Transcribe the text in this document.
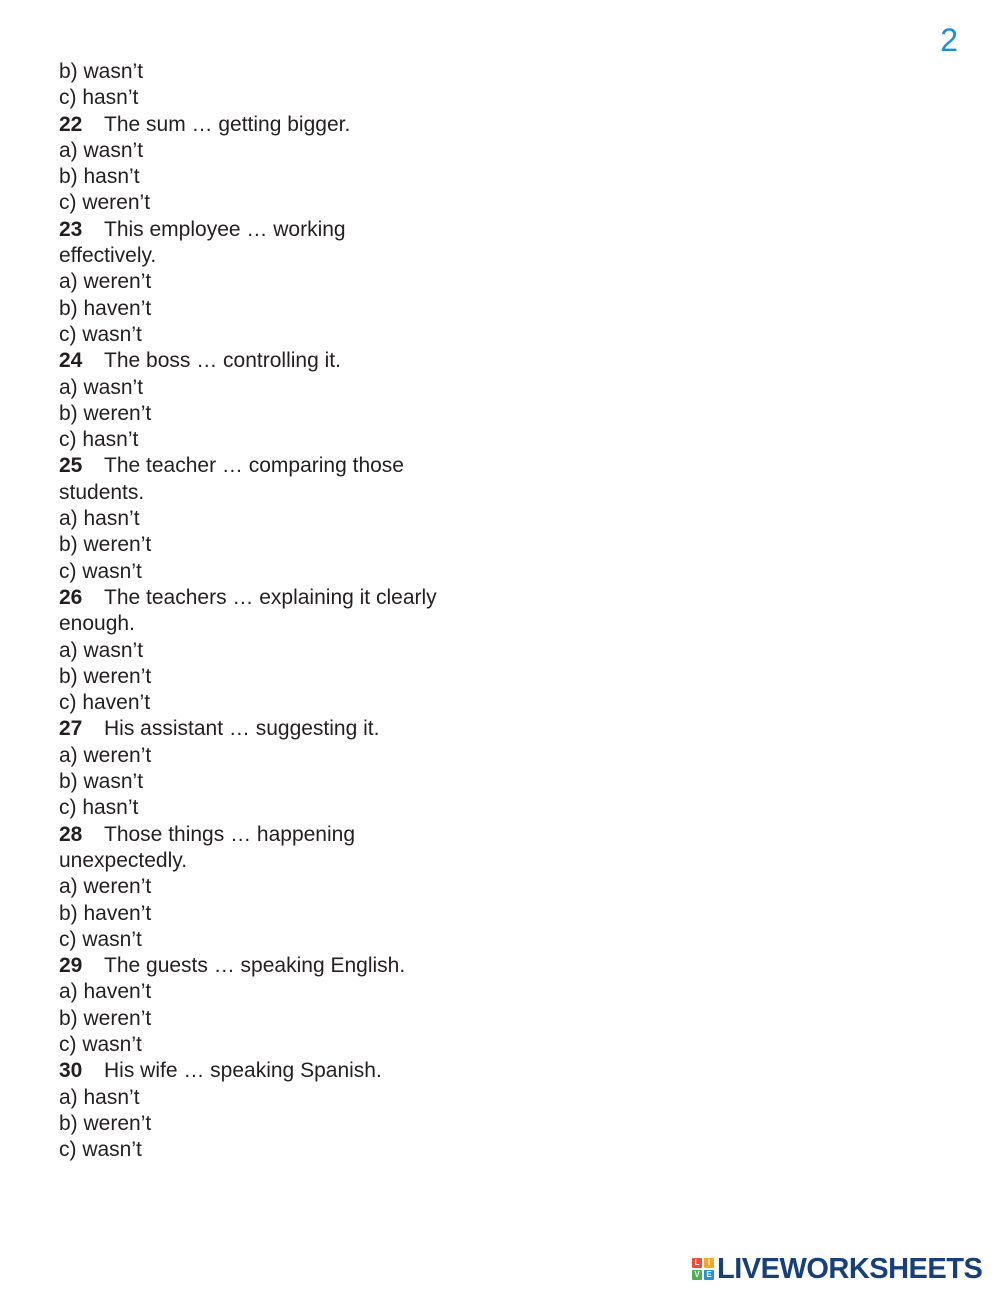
2
b) wasn’t
c) hasn’t
22 The sum … getting bigger.
a) wasn’t
b) hasn’t
c) weren’t
23 This employee … working
effectively.
a) weren’t
b) haven’t
c) wasn’t
24 The boss … controlling it.
a) wasn’t
b) weren’t
c) hasn’t
25 The teacher … comparing those
students.
a) hasn’t
b) weren’t
c) wasn’t
26 The teachers … explaining it clearly
enough.
a) wasn’t
b) weren’t
c) haven’t
27 His assistant … suggesting it.
a) weren’t
b) wasn’t
c) hasn’t
28 Those things … happening
unexpectedly.
a) weren’t
b) haven’t
c) wasn’t
29 The guests … speaking English.
a) haven’t
b) weren’t
c) wasn’t
30 His wife … speaking Spanish.
a) hasn’t
b) weren’t
c) wasn’t
L	I
V E LIVEWORKSHEETS
